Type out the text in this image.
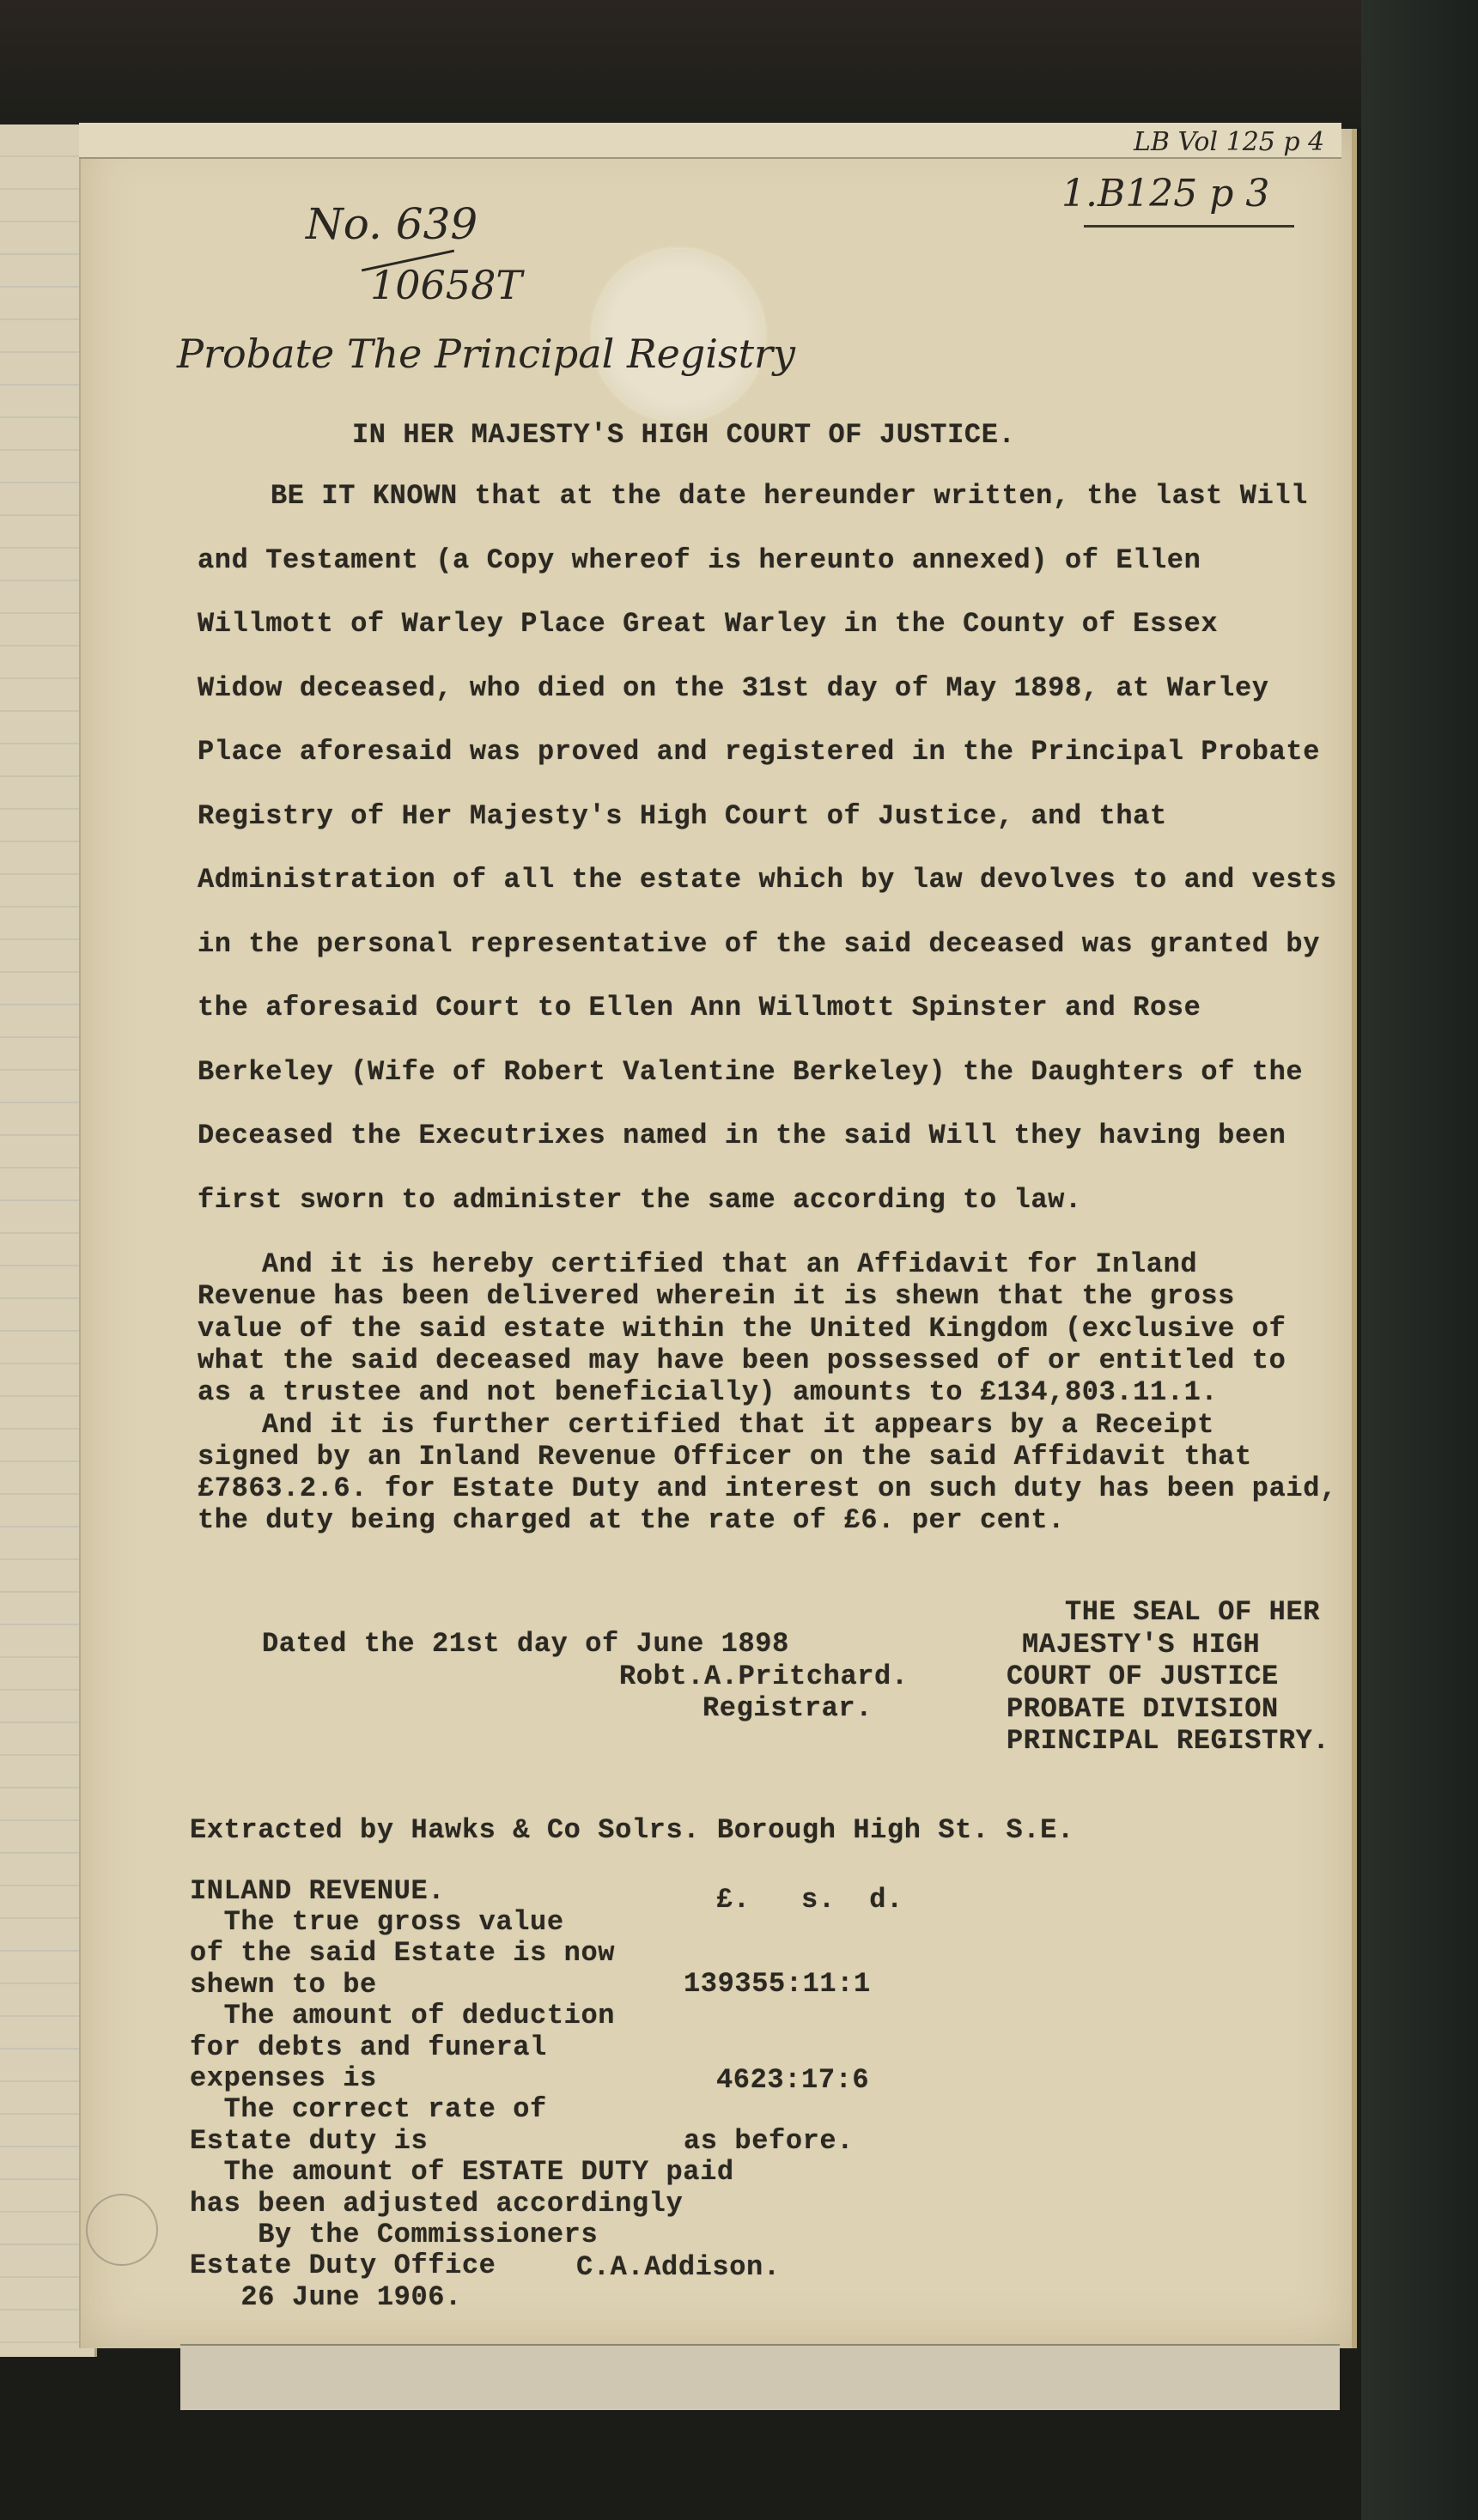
LB Vol 125 p 4
1.B125 p 3
No. 639
10658T
Probate The Principal Registry
IN HER MAJESTY'S HIGH COURT OF JUSTICE.
BE IT KNOWN that at the date hereunder written, the last Will
and Testament (a Copy whereof is hereunto annexed) of Ellen
Willmott of Warley Place Great Warley in the County of Essex
Widow deceased, who died on the 31st day of May 1898, at Warley
Place aforesaid was proved and registered in the Principal Probate
Registry of Her Majesty's High Court of Justice, and that
Administration of all the estate which by law devolves to and vests
in the personal representative of the said deceased was granted by
the aforesaid Court to Ellen Ann Willmott Spinster and Rose
Berkeley (Wife of Robert Valentine Berkeley) the Daughters of the
Deceased the Executrixes named in the said Will they having been
first sworn to administer the same according to law.
And it is hereby certified that an Affidavit for Inland
Revenue has been delivered wherein it is shewn that the gross
value of the said estate within the United Kingdom (exclusive of
what the said deceased may have been possessed of or entitled to
as a trustee and not beneficially) amounts to £134,803.11.1.
And it is further certified that it appears by a Receipt
signed by an Inland Revenue Officer on the said Affidavit that
£7863.2.6. for Estate Duty and interest on such duty has been paid,
the duty being charged at the rate of £6. per cent.
Dated the 21st day of June 1898
Robt.A.Pritchard.
Registrar.
THE SEAL OF HER
MAJESTY'S HIGH
COURT OF JUSTICE
PROBATE DIVISION
PRINCIPAL REGISTRY.
Extracted by Hawks & Co Solrs. Borough High St. S.E.
INLAND REVENUE.	£.   s.  d.
The true gross value
of the said Estate is now
shewn to be
The amount of deduction
for debts and funeral
expenses is
The correct rate of
Estate duty is
The amount of ESTATE DUTY paid
has been adjusted accordingly
By the Commissioners
Estate Duty Office
26 June 1906.
139355:11:1
4623:17:6
as before.
C.A.Addison.
